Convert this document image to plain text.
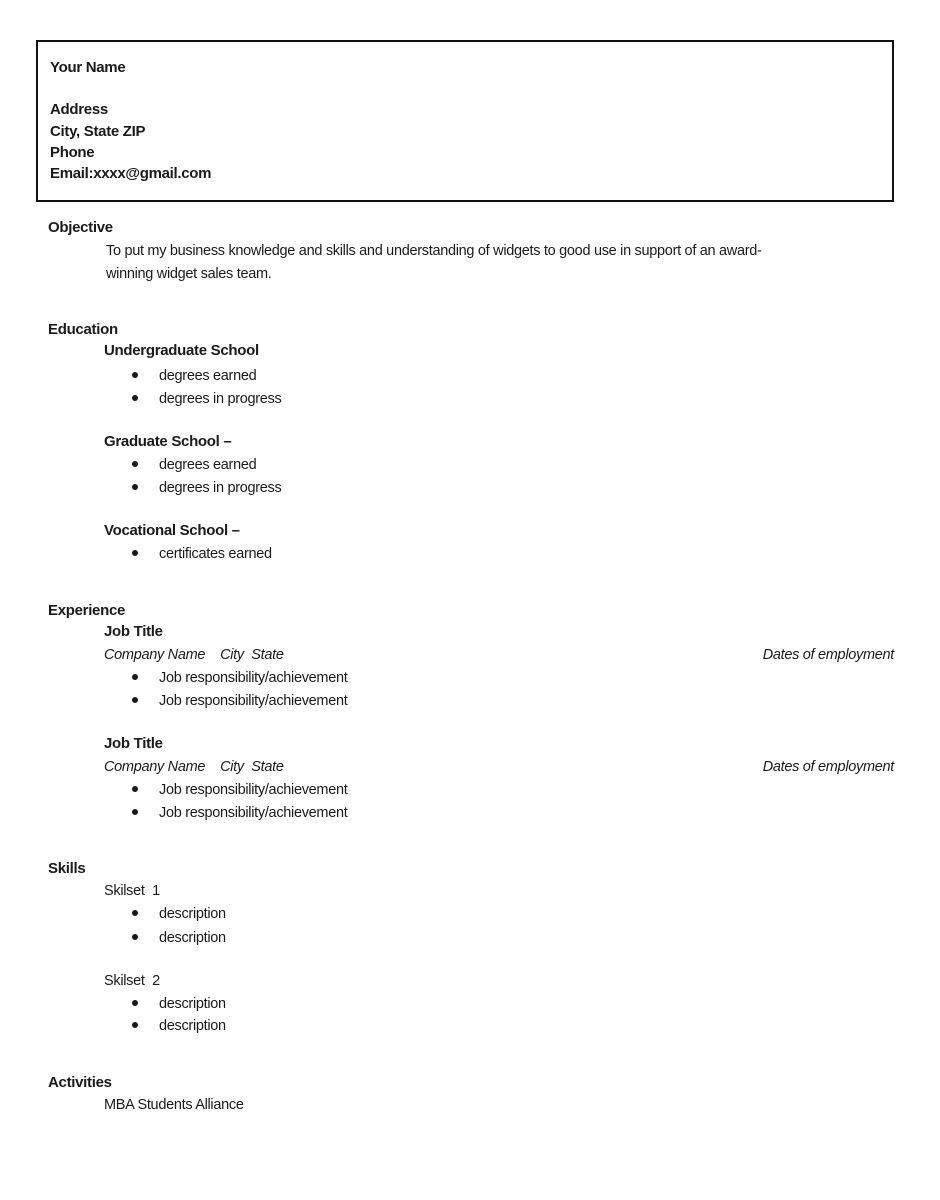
Your Name
Address
City, State ZIP
Phone
Email:xxxx@gmail.com
Objective
To put my business knowledge and skills and understanding of widgets to good use in support of an award-
winning widget sales team.
Education
Undergraduate School
degrees earned
degrees in progress
Graduate School –
degrees earned
degrees in progress
Vocational School –
certificates earned
Experience
Job Title
Company Name    City  State	Dates of employment
Job responsibility/achievement
Job responsibility/achievement
Job Title
Company Name    City  State	Dates of employment
Job responsibility/achievement
Job responsibility/achievement
Skills
Skilset  1
description
description
Skilset  2
description
description
Activities
MBA Students Alliance
